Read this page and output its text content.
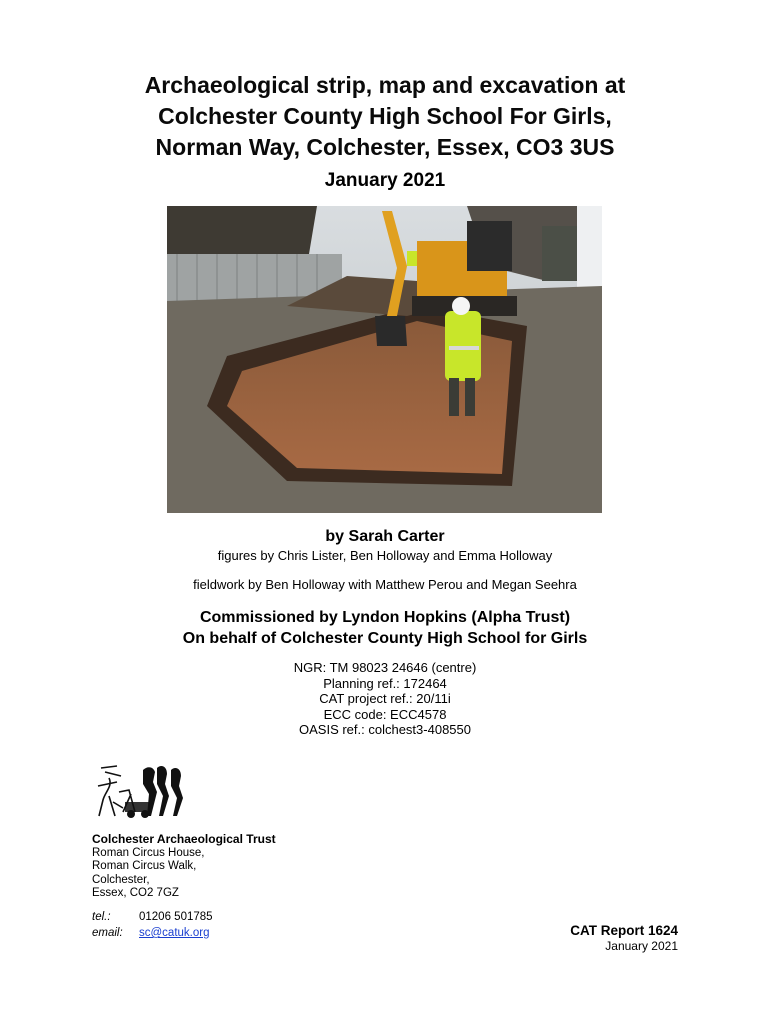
Archaeological strip, map and excavation at
Colchester County High School For Girls,
Norman Way, Colchester, Essex, CO3 3US
January 2021
by Sarah Carter
figures by Chris Lister, Ben Holloway and Emma Holloway
fieldwork by Ben Holloway with Matthew Perou and Megan Seehra
Commissioned by Lyndon Hopkins (Alpha Trust)
On behalf of Colchester County High School for Girls
NGR: TM 98023 24646 (centre)
Planning ref.: 172464
CAT project ref.: 20/11i
ECC code: ECC4578
OASIS ref.: colchest3-408550
Colchester Archaeological Trust
Roman Circus House,
Roman Circus Walk,
Colchester,
Essex, CO2 7GZ
tel.:	01206 501785
email:	sc@catuk.org	CAT Report 1624
January 2021
